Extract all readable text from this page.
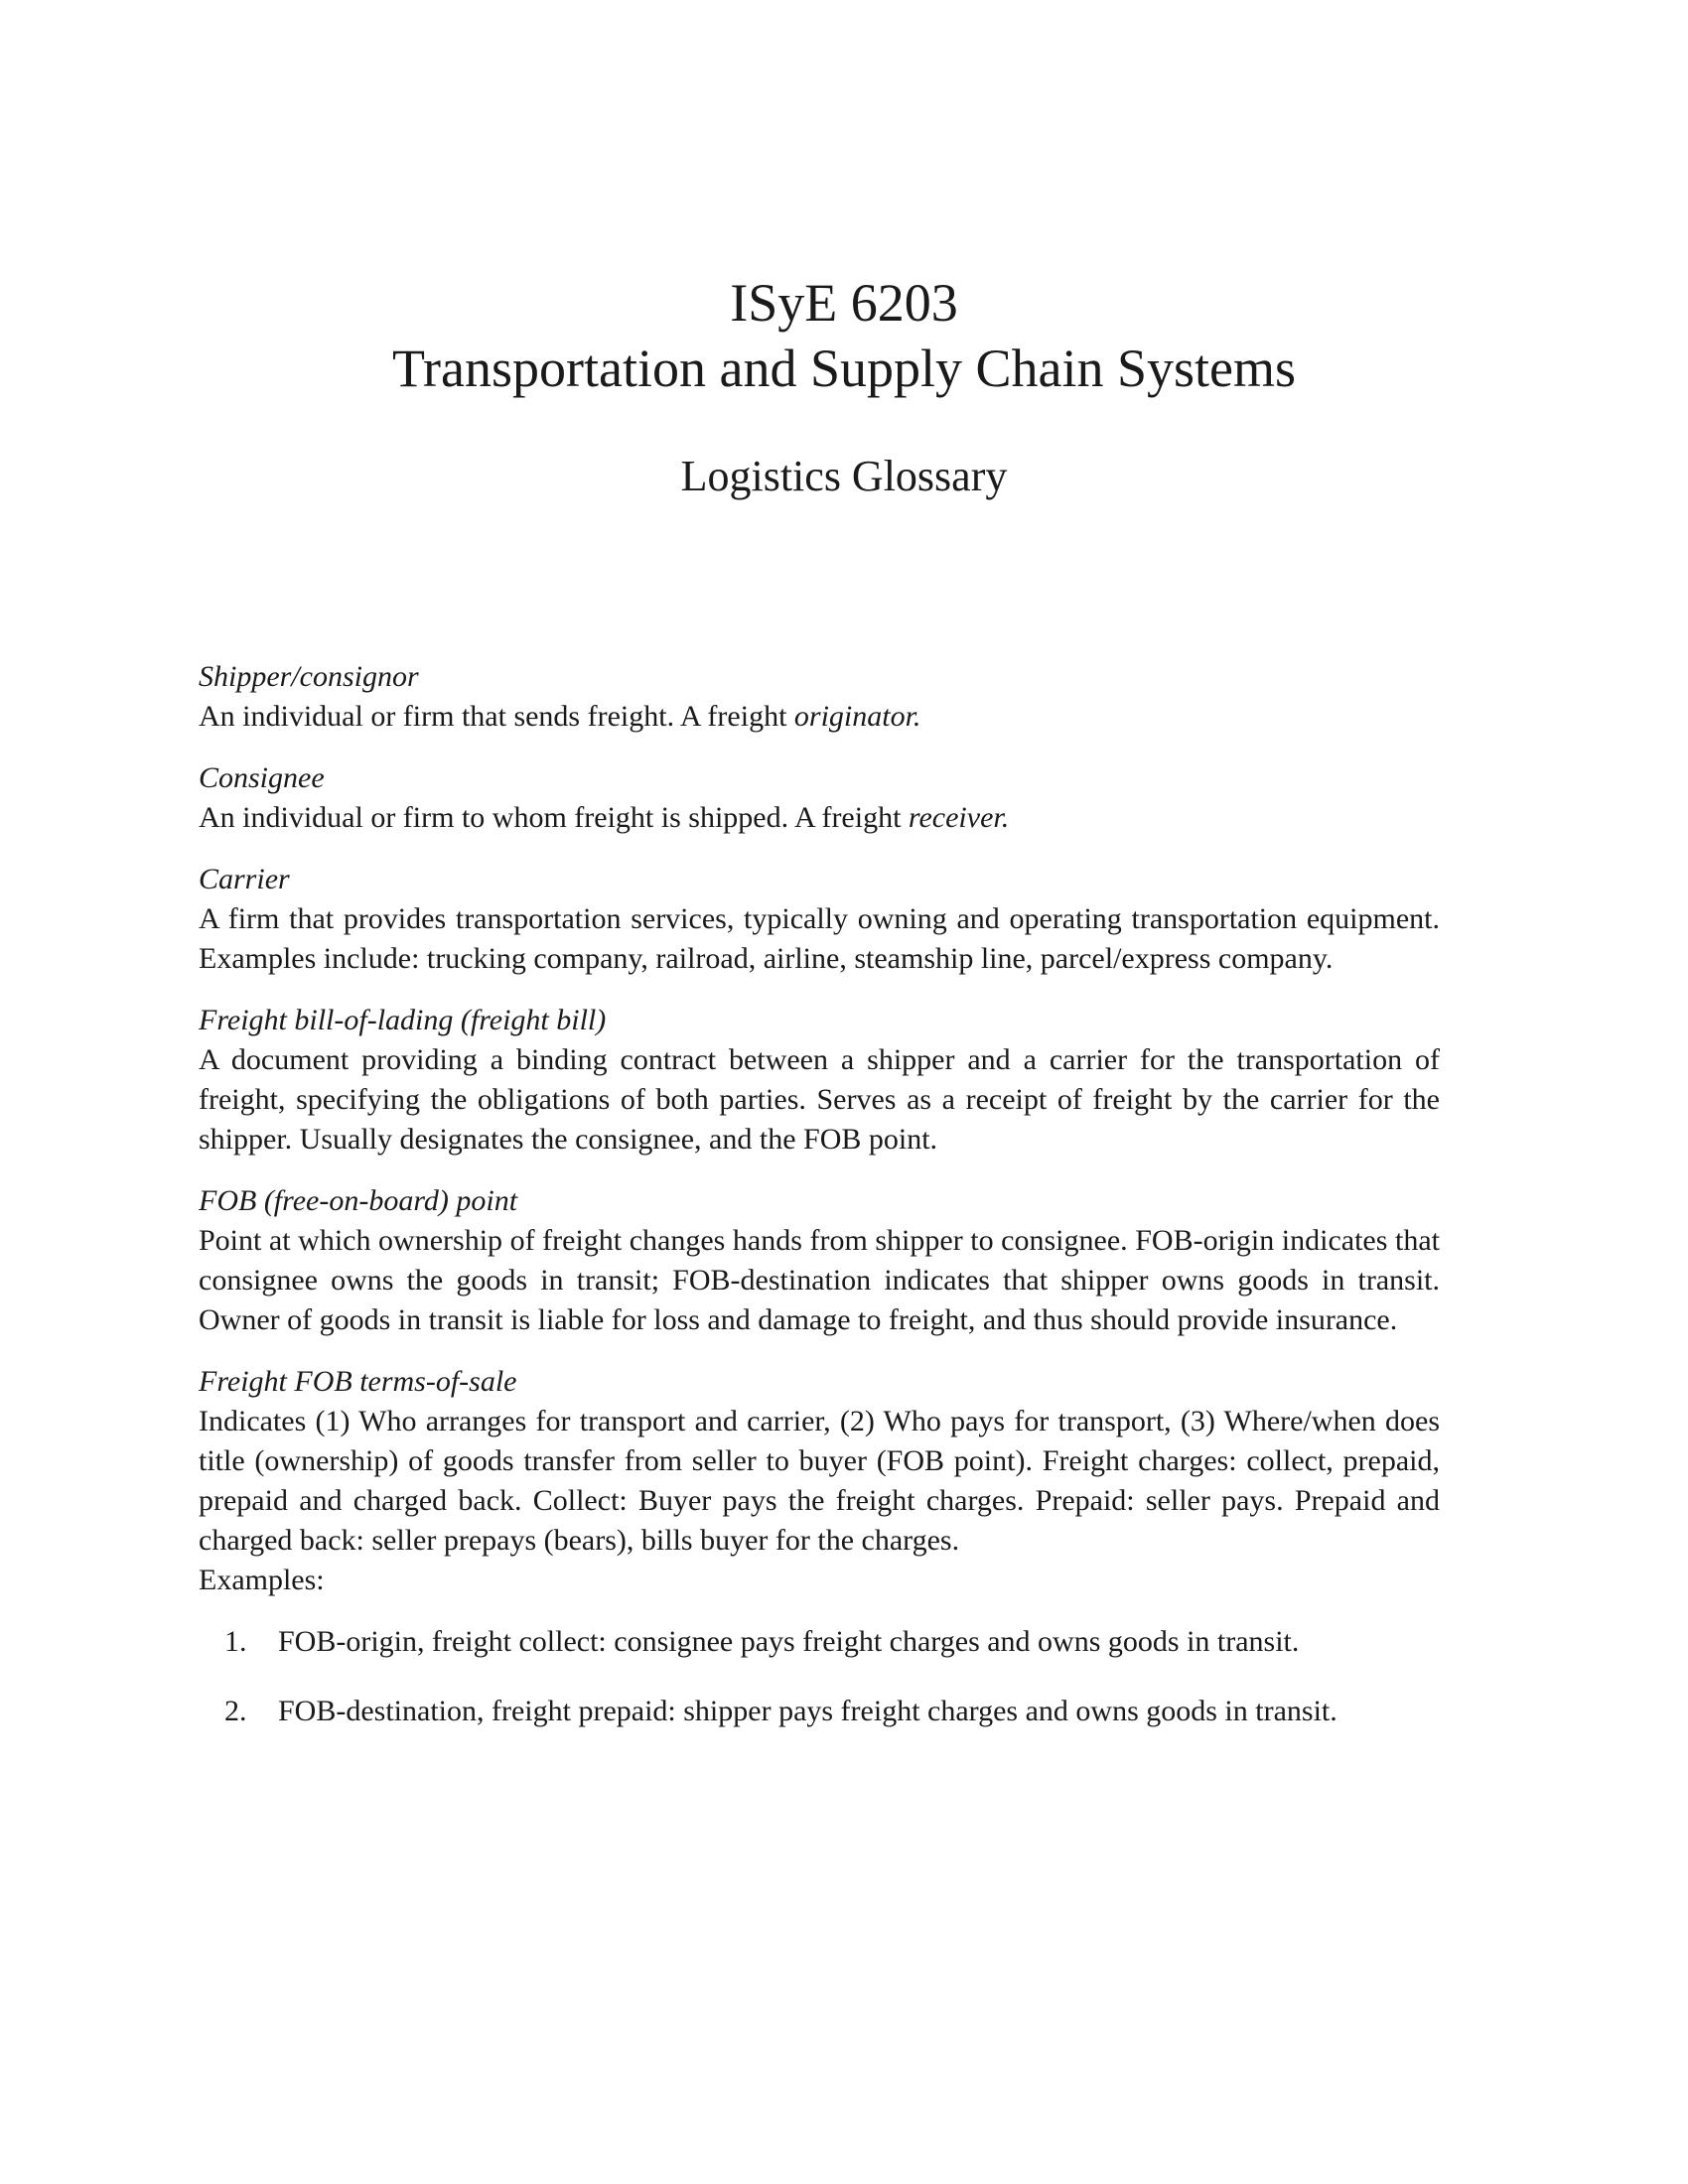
ISyE 6203
Transportation and Supply Chain Systems
Logistics Glossary
Shipper/consignor
An individual or firm that sends freight. A freight originator.
Consignee
An individual or firm to whom freight is shipped. A freight receiver.
Carrier
A firm that provides transportation services, typically owning and operating transportation equipment. Examples include: trucking company, railroad, airline, steamship line, parcel/express company.
Freight bill-of-lading (freight bill)
A document providing a binding contract between a shipper and a carrier for the transportation of freight, specifying the obligations of both parties. Serves as a receipt of freight by the carrier for the shipper. Usually designates the consignee, and the FOB point.
FOB (free-on-board) point
Point at which ownership of freight changes hands from shipper to consignee. FOB-origin indicates that consignee owns the goods in transit; FOB-destination indicates that shipper owns goods in transit. Owner of goods in transit is liable for loss and damage to freight, and thus should provide insurance.
Freight FOB terms-of-sale
Indicates (1) Who arranges for transport and carrier, (2) Who pays for transport, (3) Where/when does title (ownership) of goods transfer from seller to buyer (FOB point). Freight charges: collect, prepaid, prepaid and charged back. Collect: Buyer pays the freight charges. Prepaid: seller pays. Prepaid and charged back: seller prepays (bears), bills buyer for the charges.
Examples:
1. FOB-origin, freight collect: consignee pays freight charges and owns goods in transit.
2. FOB-destination, freight prepaid: shipper pays freight charges and owns goods in transit.
